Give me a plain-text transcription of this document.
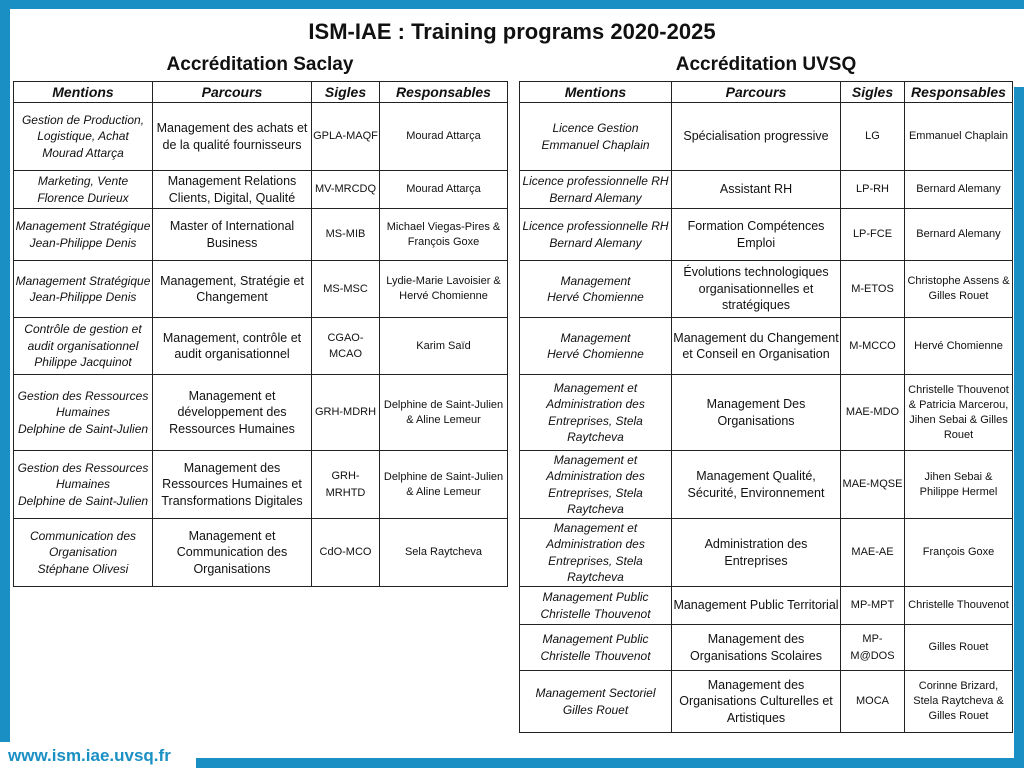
www.ism.iae.uvsq.fr
ISM-IAE : Training programs 2020-2025
Accréditation Saclay	Accréditation UVSQ
Mentions	Parcours	Sigles	Responsables

Gestion de Production, Logistique, Achat
Mourad Attarça	Management des achats et de la qualité fournisseurs	GPLA-MAQF	Mourad Attarça

Marketing, Vente
Florence Durieux	Management Relations Clients, Digital, Qualité	MV-MRCDQ	Mourad Attarça

Management Stratégique
Jean-Philippe Denis	Master of International Business	MS-MIB	Michael Viegas-Pires & François Goxe

Management Stratégique
Jean-Philippe Denis	Management, Stratégie et Changement	MS-MSC	Lydie-Marie Lavoisier & Hervé Chomienne

Contrôle de gestion et audit organisationnel
Philippe Jacquinot	Management, contrôle et audit organisationnel	CGAO-MCAO	Karim Saïd

Gestion des Ressources Humaines
Delphine de Saint-Julien	Management et développement des Ressources Humaines	GRH-MDRH	Delphine de Saint-Julien & Aline Lemeur

Gestion des Ressources Humaines
Delphine de Saint-Julien	Management des Ressources Humaines et Transformations Digitales	GRH-MRHTD	Delphine de Saint-Julien & Aline Lemeur

Communication des Organisation
Stéphane Olivesi	Management et Communication des Organisations	CdO-MCO	Sela Raytcheva
Mentions	Parcours	Sigles	Responsables

Licence Gestion
Emmanuel Chaplain	Spécialisation progressive	LG	Emmanuel Chaplain

Licence professionnelle RH
Bernard Alemany	Assistant RH	LP-RH	Bernard Alemany

Licence professionnelle RH
Bernard Alemany	Formation Compétences Emploi	LP-FCE	Bernard Alemany

Management
Hervé Chomienne	Évolutions technologiques organisationnelles et stratégiques	M-ETOS	Christophe Assens & Gilles Rouet

Management
Hervé Chomienne	Management du Changement et Conseil en Organisation	M-MCCO	Hervé Chomienne

Management et Administration des Entreprises, Stela Raytcheva	Management Des Organisations	MAE-MDO	Christelle Thouvenot & Patricia Marcerou, Jihen Sebai & Gilles Rouet

Management et Administration des Entreprises, Stela Raytcheva	Management Qualité, Sécurité, Environnement	MAE-MQSE	Jihen Sebai & Philippe Hermel

Management et Administration des Entreprises, Stela Raytcheva	Administration des Entreprises	MAE-AE	François Goxe

Management Public
Christelle Thouvenot	Management Public Territorial	MP-MPT	Christelle Thouvenot

Management Public
Christelle Thouvenot	Management des Organisations Scolaires	MP-M@DOS	Gilles Rouet

Management Sectoriel
Gilles Rouet	Management des Organisations Culturelles et Artistiques	MOCA	Corinne Brizard, Stela Raytcheva & Gilles Rouet
